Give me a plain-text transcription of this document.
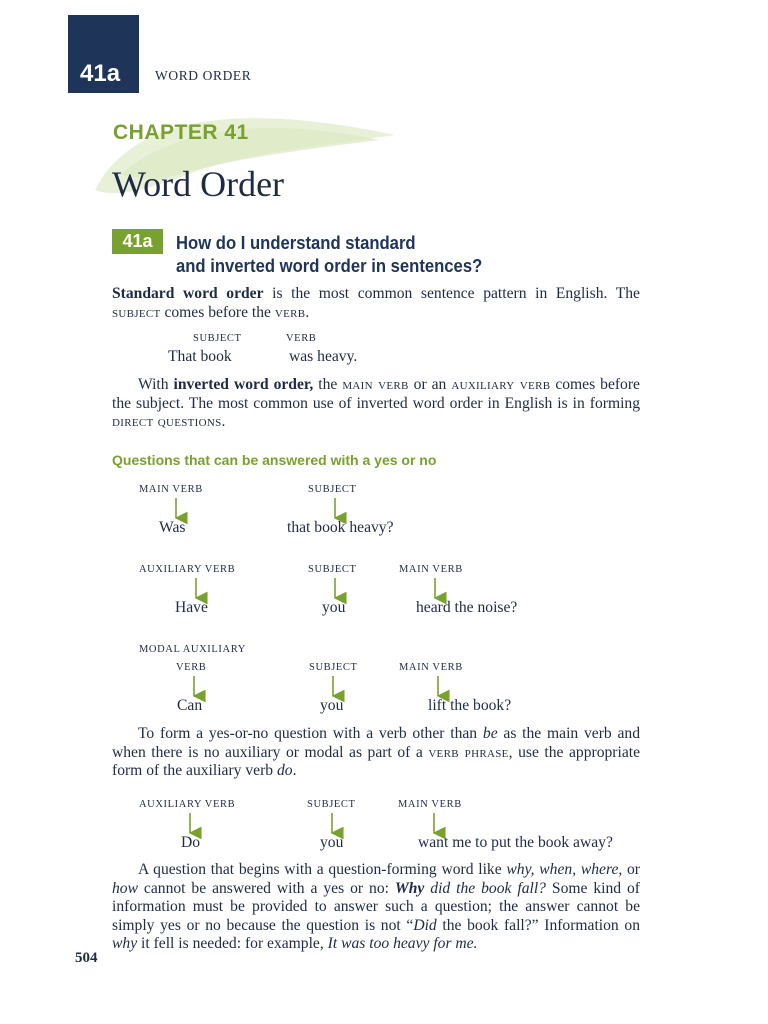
41a	WORD ORDER
CHAPTER 41
Word Order
41a	How do I understand standard
and inverted word order in sentences?
Standard word order is the most common sentence pattern in English. The subject comes before the verb.
SUBJECT	VERB
That book	was heavy.
With inverted word order, the main verb or an auxiliary verb comes before the subject. The most common use of inverted word order in English is in forming direct questions.
Questions that can be answered with a yes or no
MAIN VERB	SUBJECT
Was	that book heavy?
AUXILIARY VERB	SUBJECT	MAIN VERB
Have	you	heard the noise?
MODAL AUXILIARY
VERB	SUBJECT	MAIN VERB
Can	you	lift the book?
To form a yes-or-no question with a verb other than be as the main verb and when there is no auxiliary or modal as part of a verb phrase, use the appropriate form of the auxiliary verb do.
AUXILIARY VERB	SUBJECT	MAIN VERB
Do	you	want me to put the book away?
A question that begins with a question-forming word like why, when, where, or how cannot be answered with a yes or no: Why did the book fall? Some kind of information must be provided to answer such a question; the answer cannot be simply yes or no because the question is not “Did the book fall?” Information on why it fell is needed: for example, It was too heavy for me.
504
